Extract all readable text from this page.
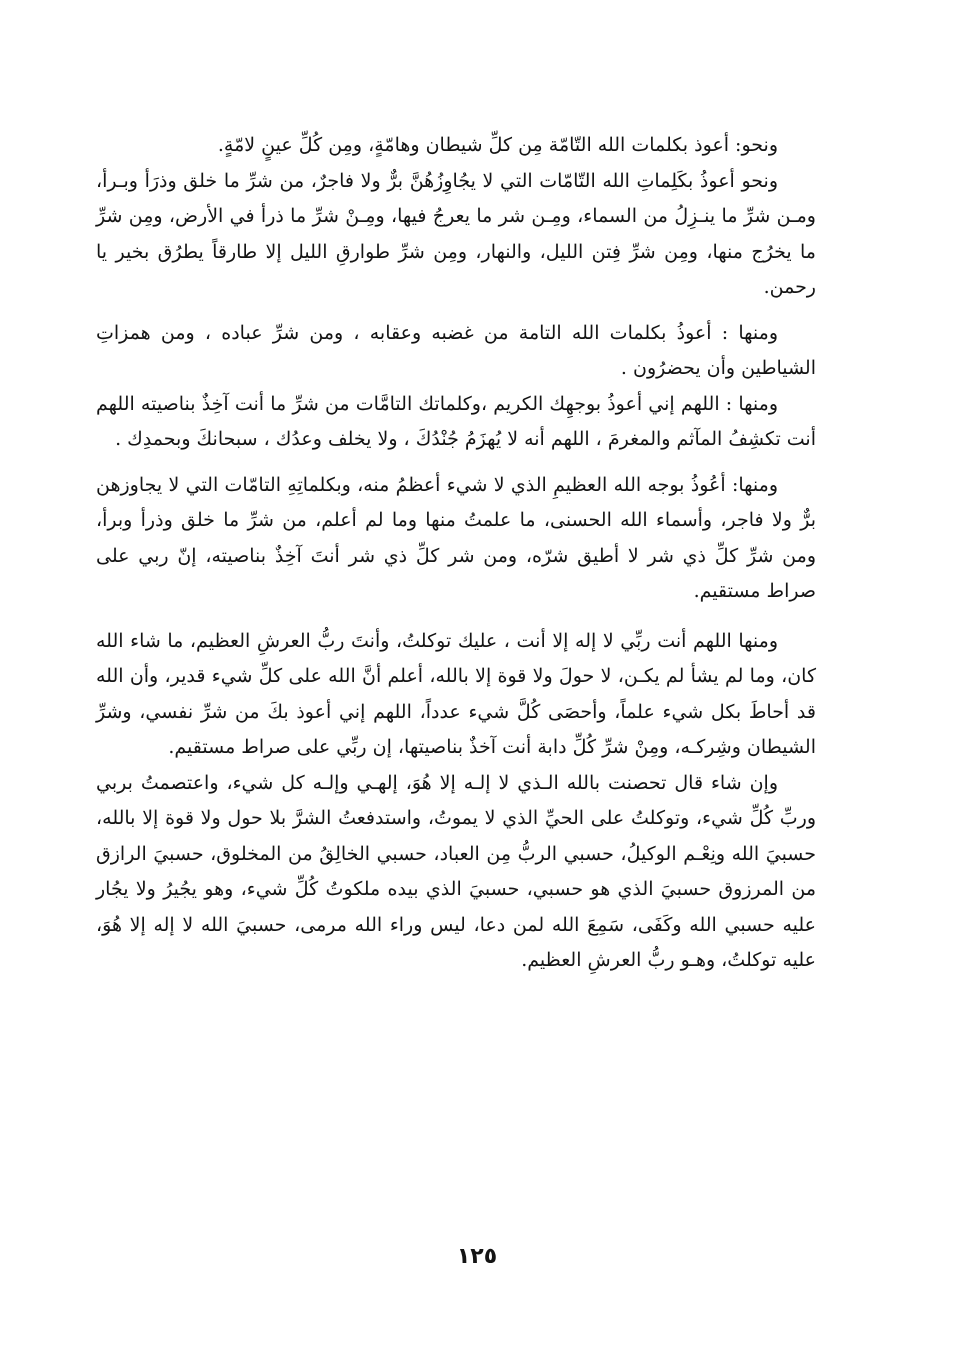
ونحو: أعوذ بكلمات الله التّامّة مِن كلِّ شيطان وهامّةٍ، ومِن كُلِّ عينٍ لامّةٍ.

ونحو أعوذُ بكَلِماتِ الله التّامّات التي لا يجُاوِزُهُنَّ برٌّ ولا فاجرٌ، من شرِّ ما خلق وذرَأ وبـرأ، ومـن شرِّ ما ينـزِلُ من السماء، ومِـن شر ما يعرجُ فيها، ومِـنْ شرِّ ما ذرأ في الأرض، ومِن شرِّ ما يخرُج منها، ومِن شرِّ فِتن الليل، والنهار، ومِن شرِّ طوارقِ الليل إلا طارقاً يطرُق بخير يا رحمن.

ومنها : أعوذُ بكلمات الله التامة من غضبه وعقابه ، ومن شرِّ عباده ، ومن همزاتِ الشياطين وأن يحضرُون .

ومنها : اللهم إني أعوذُ بوجهِك الكريم ،وكلماتك التامَّات من شرِّ ما أنت آخِذٌ بناصيته اللهم أنت تكشِفُ المآثم والمغرمَ ، اللهم أنه لا يُهزَمُ جُنْدُكَ ، ولا يخلف وعدُك ، سبحانكَ وبحمدِك .

ومنها: أعُوذُ بوجه الله العظيمِ الذي لا شيء أعظمُ منه، وبكلماتِهِ التامّات التي لا يجاوزهن برٌّ ولا فاجر، وأسماء الله الحسنى، ما علمتُ منها وما لم أعلم، من شرِّ ما خلق وذرأ وبرأ، ومن شرِّ كلِّ ذي شر لا أطيق شرّه، ومن شر كلِّ ذي شر أنتَ آخِذٌ بناصيته، إنّ ربي على صراط مستقيم.

ومنها اللهم أنت ربِّي لا إله إلا أنت ، عليك توكلتُ، وأنتَ ربُّ العرشِ العظيم، ما شاء الله كان، وما لم يشأ لم يكـن، لا حولَ ولا قوة إلا بالله، أعلم أنَّ الله على كلِّ شيء قدير، وأن الله قد أحاطَ بكل شيء علماً، وأحصَى كُلَّ شيء عدداً، اللهم إني أعوذ بكَ من شرِّ نفسي، وشرِّ الشيطان وشِركـه، ومِنْ شرِّ كُلِّ دابة أنت آخذٌ بناصيتها، إن ربِّي على صراط مستقيم.

وإن شاء قال تحصنت بالله الـذي لا إلـه إلا هُوَ، إلهـي وإلـه كل شيء، واعتصمتُ بربي وربِّ كُلِّ شيء، وتوكلتُ على الحيِّ الذي لا يموتُ، واستدفعتُ الشرَّ بلا حول ولا قوة إلا بالله، حسبيَ الله ونِعْـم الوكيلُ، حسبي الربُّ مِن العباد، حسبي الخالِقُ من المخلوق، حسبيَ الرازق من المرزوق حسبيَ الذي هو حسبي، حسبيَ الذي بيده ملكوتُ كُلِّ شيء، وهو يجُيرُ ولا يجُار عليه حسبي الله وكَفَى، سَمِعَ الله لمن دعا، ليس وراء الله مرمى، حسبيَ الله لا إله إلا هُوَ، عليه توكلتُ، وهـو ربُّ العرشِ العظيم.

١٢٥
